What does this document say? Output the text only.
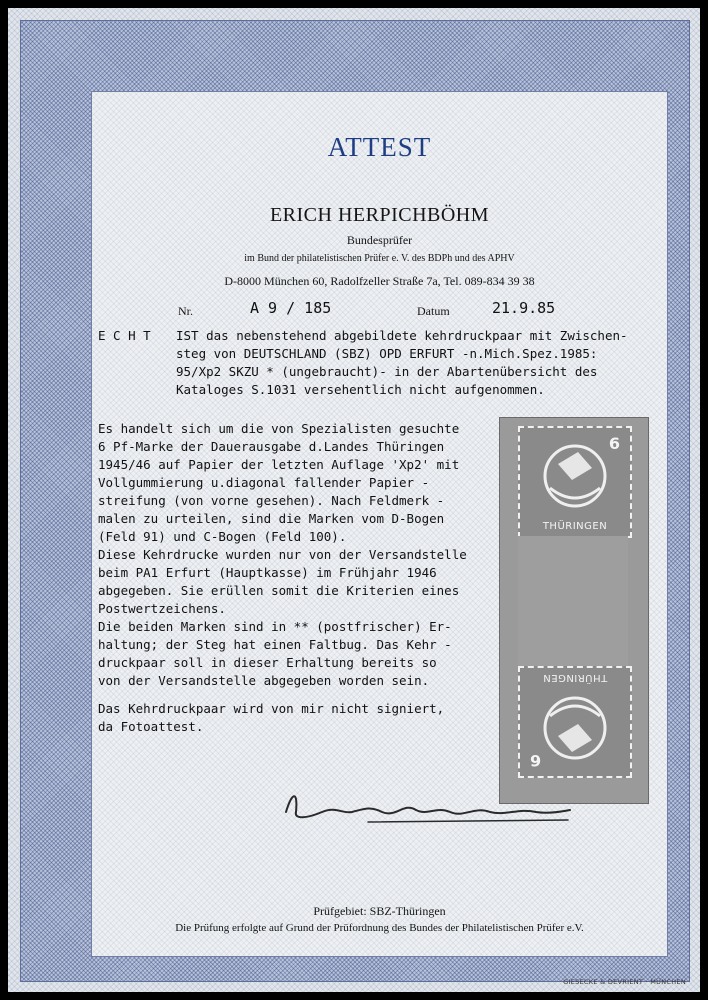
ATTEST
ERICH HERPICHBÖHM
Bundesprüfer
im Bund der philatelistischen Prüfer e. V. des BDPh und des APHV
D-8000 München 60, Radolfzeller Straße 7a, Tel. 089-834 39 38
Nr.	A 9 / 185	Datum	21.9.85
E C H T IST das nebenstehend abgebildete kehrdruckpaar mit Zwischen-
steg von DEUTSCHLAND (SBZ) OPD ERFURT -n.Mich.Spez.1985:
95/Xp2 SKZU * (ungebraucht)- in der Abartenübersicht des
Kataloges S.1031 versehentlich nicht aufgenommen.
Es handelt sich um die von Spezialisten gesuchte
6 Pf-Marke der Dauerausgabe d.Landes Thüringen
1945/46 auf Papier der letzten Auflage 'Xp2' mit
Vollgummierung u.diagonal fallender Papier -
streifung (von vorne gesehen). Nach Feldmerk -
malen zu urteilen, sind die Marken vom D-Bogen
(Feld 91) und C-Bogen (Feld 100).
Diese Kehrdrucke wurden nur von der Versandstelle
beim PA1 Erfurt (Hauptkasse) im Frühjahr 1946
abgegeben. Sie erüllen somit die Kriterien eines
Postwertzeichens.
Die beiden Marken sind in ** (postfrischer) Er-
haltung; der Steg hat einen Faltbug. Das Kehr -
druckpaar soll in dieser Erhaltung bereits so
von der Versandstelle abgegeben worden sein.
Das Kehrdruckpaar wird von mir nicht signiert,
da Fotoattest.
6
THÜRINGEN
6
THÜRINGEN
Prüfgebiet: SBZ-Thüringen
Die Prüfung erfolgte auf Grund der Prüfordnung des Bundes der Philatelistischen Prüfer e.V.
GIESECKE & DEVRIENT · MÜNCHEN
